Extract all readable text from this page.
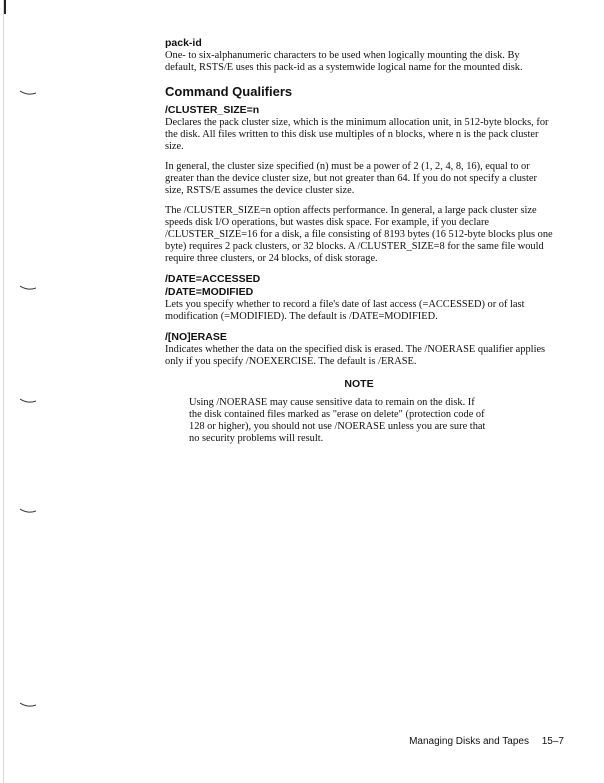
pack-id

One- to six-alphanumeric characters to be used when logically mounting the disk. By default, RSTS/E uses this pack-id as a systemwide logical name for the mounted disk.

Command Qualifiers
/CLUSTER_SIZE=n

Declares the pack cluster size, which is the minimum allocation unit, in 512-byte blocks, for the disk. All files written to this disk use multiples of n blocks, where n is the pack cluster size.

In general, the cluster size specified (n) must be a power of 2 (1, 2, 4, 8, 16), equal to or greater than the device cluster size, but not greater than 64. If you do not specify a cluster size, RSTS/E assumes the device cluster size.

The /CLUSTER_SIZE=n option affects performance. In general, a large pack cluster size speeds disk I/O operations, but wastes disk space. For example, if you declare /CLUSTER_SIZE=16 for a disk, a file consisting of 8193 bytes (16 512-byte blocks plus one byte) requires 2 pack clusters, or 32 blocks. A /CLUSTER_SIZE=8 for the same file would require three clusters, or 24 blocks, of disk storage.

/DATE=ACCESSED
/DATE=MODIFIED

Lets you specify whether to record a file's date of last access (=ACCESSED) or of last modification (=MODIFIED). The default is /DATE=MODIFIED.

/[NO]ERASE

Indicates whether the data on the specified disk is erased. The /NOERASE qualifier applies only if you specify /NOEXERCISE. The default is /ERASE.

NOTE

Using /NOERASE may cause sensitive data to remain on the disk. If the disk contained files marked as "erase on delete" (protection code of 128 or higher), you should not use /NOERASE unless you are sure that no security problems will result.

Managing Disks and Tapes 15–7
